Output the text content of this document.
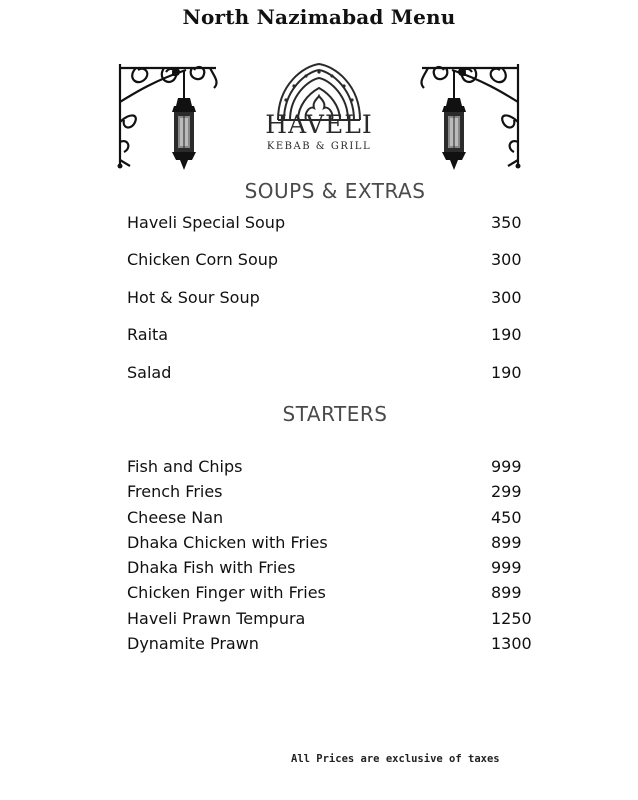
North Nazimabad Menu
HAVELI
KEBAB & GRILL
SOUPS & EXTRAS
Haveli Special Soup	350
Chicken Corn Soup	300
Hot & Sour Soup	300
Raita	190
Salad	190
STARTERS
Fish and Chips	999
French Fries	299
Cheese Nan	450
Dhaka Chicken with Fries	899
Dhaka Fish with Fries	999
Chicken Finger with Fries	899
Haveli Prawn Tempura	1250
Dynamite Prawn	1300
All Prices are exclusive of taxes
